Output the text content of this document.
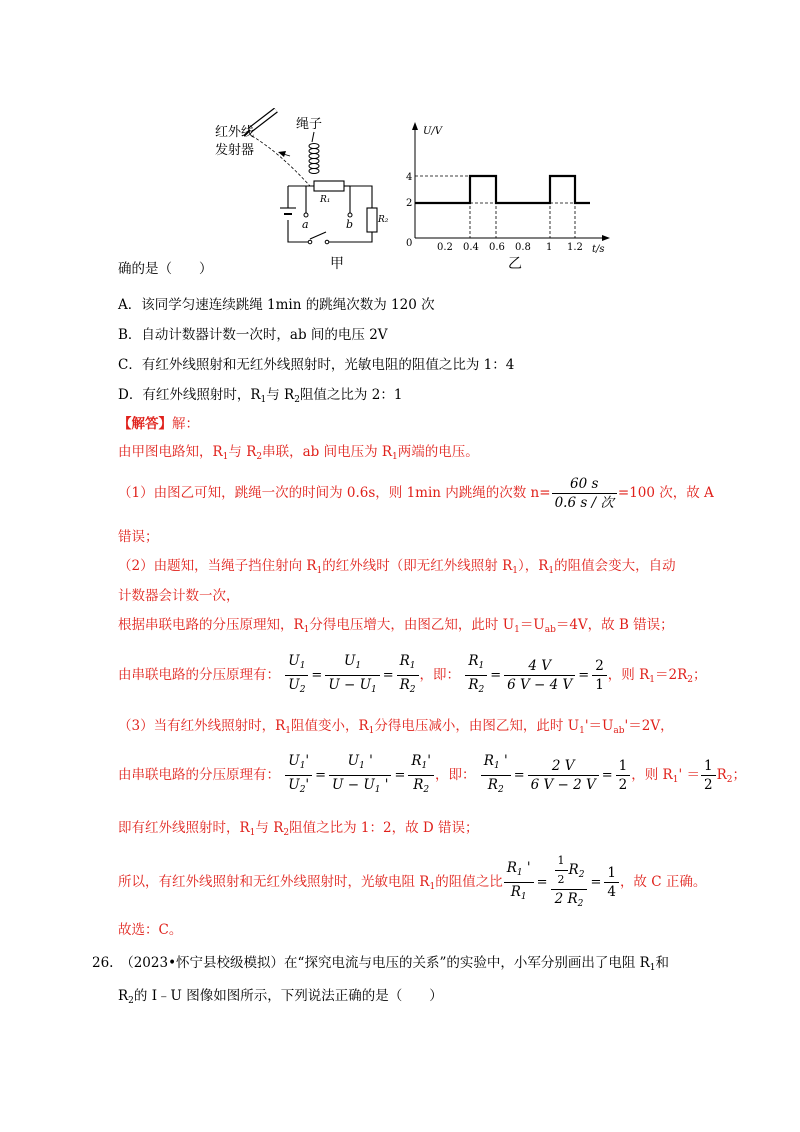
红外线
发射器
绳子
R₁
R₂
a	b
甲
U/V
t/s
0
4
2
0.2 0.4 0.6 0.8 1 1.2
乙
确的是（　　）
A．该同学匀速连续跳绳 1min 的跳绳次数为 120 次
B．自动计数器计数一次时，ab 间的电压 2V
C．有红外线照射和无红外线照射时，光敏电阻的阻值之比为 1：4
D．有红外线照射时，$R_1$与 $R_2$阻值之比为 2：1
【解答】解：
由甲图电路知，$R_1$与 $R_2$串联，ab 间电压为 $R_1$两端的电压。
（1）由图乙可知，跳绳一次的时间为 0.6s，则 1min 内跳绳的次数 $n= \frac{60 s}{\text{0.6 s / 次}} =100$ 次，故 A
错误；
（2）由题知，当绳子挡住射向 $R_1$的红外线时（即无红外线照射 $R_1$），$R_1$的阻值会变大，自动
计数器会计数一次，
根据串联电路的分压原理知，$R_1$分得电压增大，由图乙知，此时 $U_1=U_{ab}=4V$，故 B 错误；
由串联电路的分压原理有： $\frac{U_1}{U_2} = \frac{U_1}{U - U_1} = \frac{R_1}{R_2}$ ，即： $\frac{R_1}{R_2} = \frac{4 V}{6 V - 4 V} = \frac{2}{1}$ ，则 $R_1=2R_2$；
（3）当有红外线照射时，$R_1$阻值变小，$R_1$分得电压减小，由图乙知，此时 $U_1'=U_{ab}'=2V$，
由串联电路的分压原理有： $\frac{U_1'}{U_2'} = \frac{U_1 '}{U - U_1 '} = \frac{R_1'}{R_2}$ ，即： $\frac{R_1 '}{R_2} = \frac{2 V}{6 V - 2 V} = \frac{1}{2}$ ，则 $R_1' = \frac{1}{2} R_2$；
即有红外线照射时，$R_1$与 $R_2$阻值之比为 1：2，故 D 错误；
所以，有红外线照射和无红外线照射时，光敏电阻 $R_1$的阻值之比 $\frac{R_1 '}{R_1} = \frac{\frac{1}{2} R_2}{2 R_2} = \frac{1}{4}$ ，故 C 正确。
故选：C。
26.　（2023•怀宁县校级模拟）在“探究电流与电压的关系”的实验中，小军分别画出了电阻 $R_1$和
$R_2$的 I﹣U 图像如图所示，下列说法正确的是（　　）
